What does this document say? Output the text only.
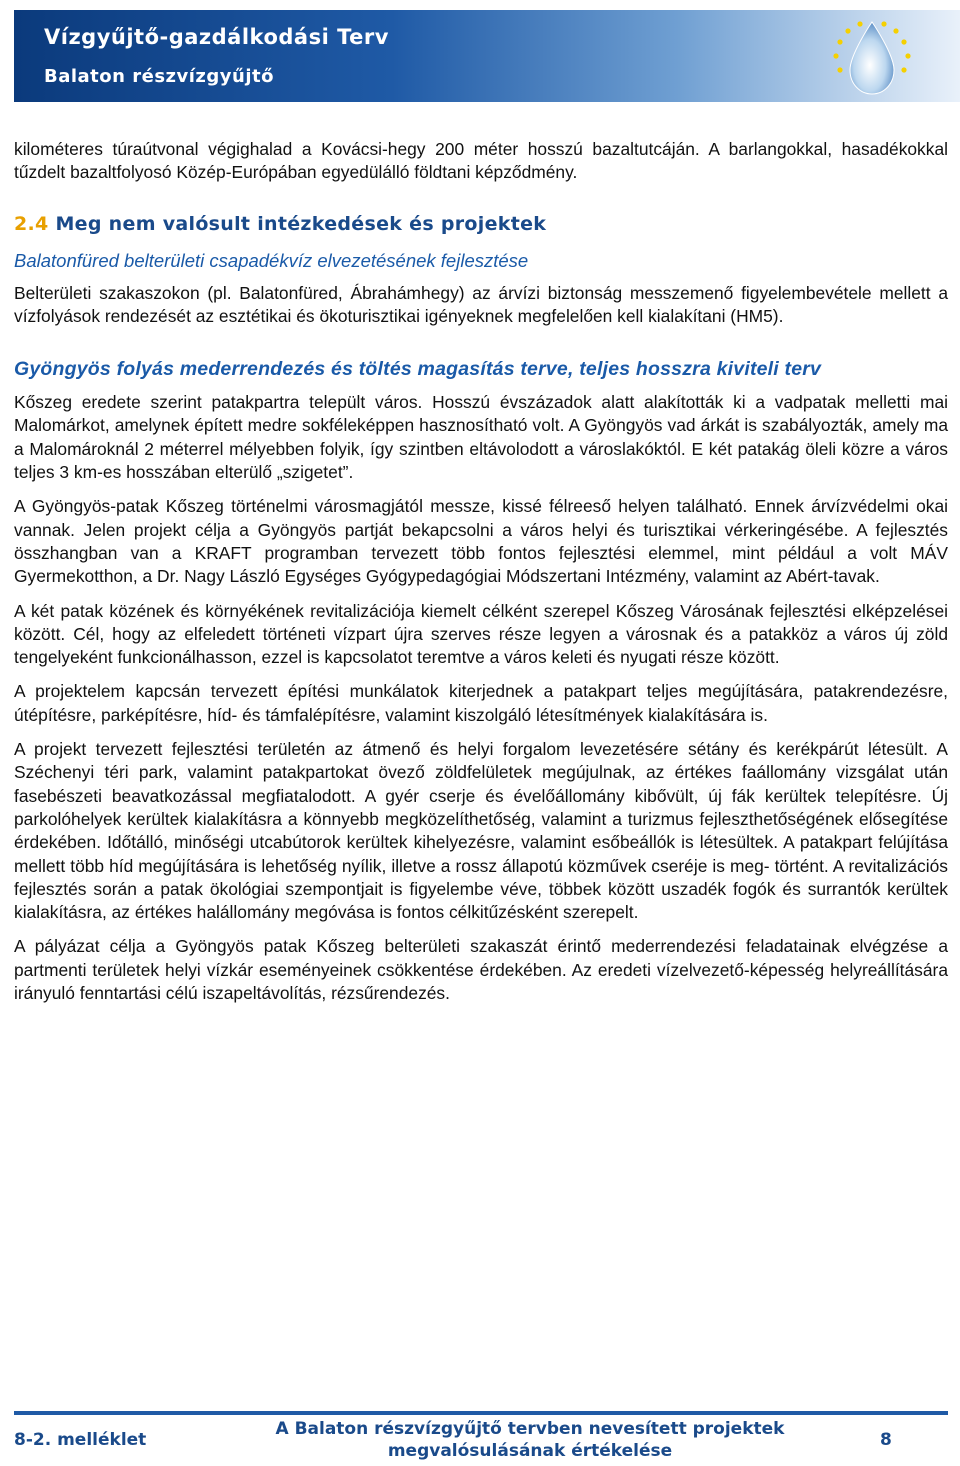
Vízgyűjtő-gazdálkodási Terv
Balaton részvízgyűjtő

kilométeres túraútvonal végighalad a Kovácsi-hegy 200 méter hosszú bazaltutcáján. A barlangokkal, hasadékokkal tűzdelt bazaltfolyosó Közép-Európában egyedülálló földtani képződmény.

2.4 Meg nem valósult intézkedések és projektek

Balatonfüred belterületi csapadékvíz elvezetésének fejlesztése

Belterületi szakaszokon (pl. Balatonfüred, Ábrahámhegy) az árvízi biztonság messzemenő figyelembevétele mellett a vízfolyások rendezését az esztétikai és ökoturisztikai igényeknek megfelelően kell kialakítani (HM5).

Gyöngyös folyás mederrendezés és töltés magasítás terve, teljes hosszra kiviteli terv

Kőszeg eredete szerint patakpartra települt város. Hosszú évszázadok alatt alakították ki a vadpatak melletti mai Malomárkot, amelynek épített medre sokféleképpen hasznosítható volt. A Gyöngyös vad árkát is szabályozták, amely ma a Malomároknál 2 méterrel mélyebben folyik, így szintben eltávolodott a városlakóktól. E két patakág öleli közre a város teljes 3 km-es hosszában elterülő „szigetet”.

A Gyöngyös-patak Kőszeg történelmi városmagjától messze, kissé félreeső helyen található. Ennek árvízvédelmi okai vannak. Jelen projekt célja a Gyöngyös partját bekapcsolni a város helyi és turisztikai vérkeringésébe. A fejlesztés összhangban van a KRAFT programban tervezett több fontos fejlesztési elemmel, mint például a volt MÁV Gyermekotthon, a Dr. Nagy László Egységes Gyógypedagógiai Módszertani Intézmény, valamint az Abért-tavak.

A két patak közének és környékének revitalizációja kiemelt célként szerepel Kőszeg Városának fejlesztési elképzelései között. Cél, hogy az elfeledett történeti vízpart újra szerves része legyen a városnak és a patakköz a város új zöld tengelyeként funkcionálhasson, ezzel is kapcsolatot teremtve a város keleti és nyugati része között.

A projektelem kapcsán tervezett építési munkálatok kiterjednek a patakpart teljes megújítására, patakrendezésre, útépítésre, parképítésre, híd- és támfalépítésre, valamint kiszolgáló létesítmények kialakítására is.

A projekt tervezett fejlesztési területén az átmenő és helyi forgalom levezetésére sétány és kerékpárút létesült. A Széchenyi téri park, valamint patakpartokat övező zöldfelületek megújulnak, az értékes faállomány vizsgálat után fasebészeti beavatkozással megfiatalodott. A gyér cserje és évelőállomány kibővült, új fák kerültek telepítésre. Új parkolóhelyek kerültek kialakításra a könnyebb megközelíthetőség, valamint a turizmus fejleszthetőségének elősegítése érdekében. Időtálló, minőségi utcabútorok kerültek kihelyezésre, valamint esőbeállók is létesültek. A patakpart felújítása mellett több híd megújítására is lehetőség nyílik, illetve a rossz állapotú közművek cseréje is meg- történt. A revitalizációs fejlesztés során a patak ökológiai szempontjait is figyelembe véve, többek között uszadék fogók és surrantók kerültek kialakításra, az értékes halállomány megóvása is fontos célkitűzésként szerepelt.

A pályázat célja a Gyöngyös patak Kőszeg belterületi szakaszát érintő mederrendezési feladatainak elvégzése a partmenti területek helyi vízkár eseményeinek csökkentése érdekében. Az eredeti vízelvezető-képesség helyreállítására irányuló fenntartási célú iszapeltávolítás, rézsűrendezés.

8-2. melléklet
A Balaton részvízgyűjtő tervben nevesített projektek
megvalósulásának értékelése
8
